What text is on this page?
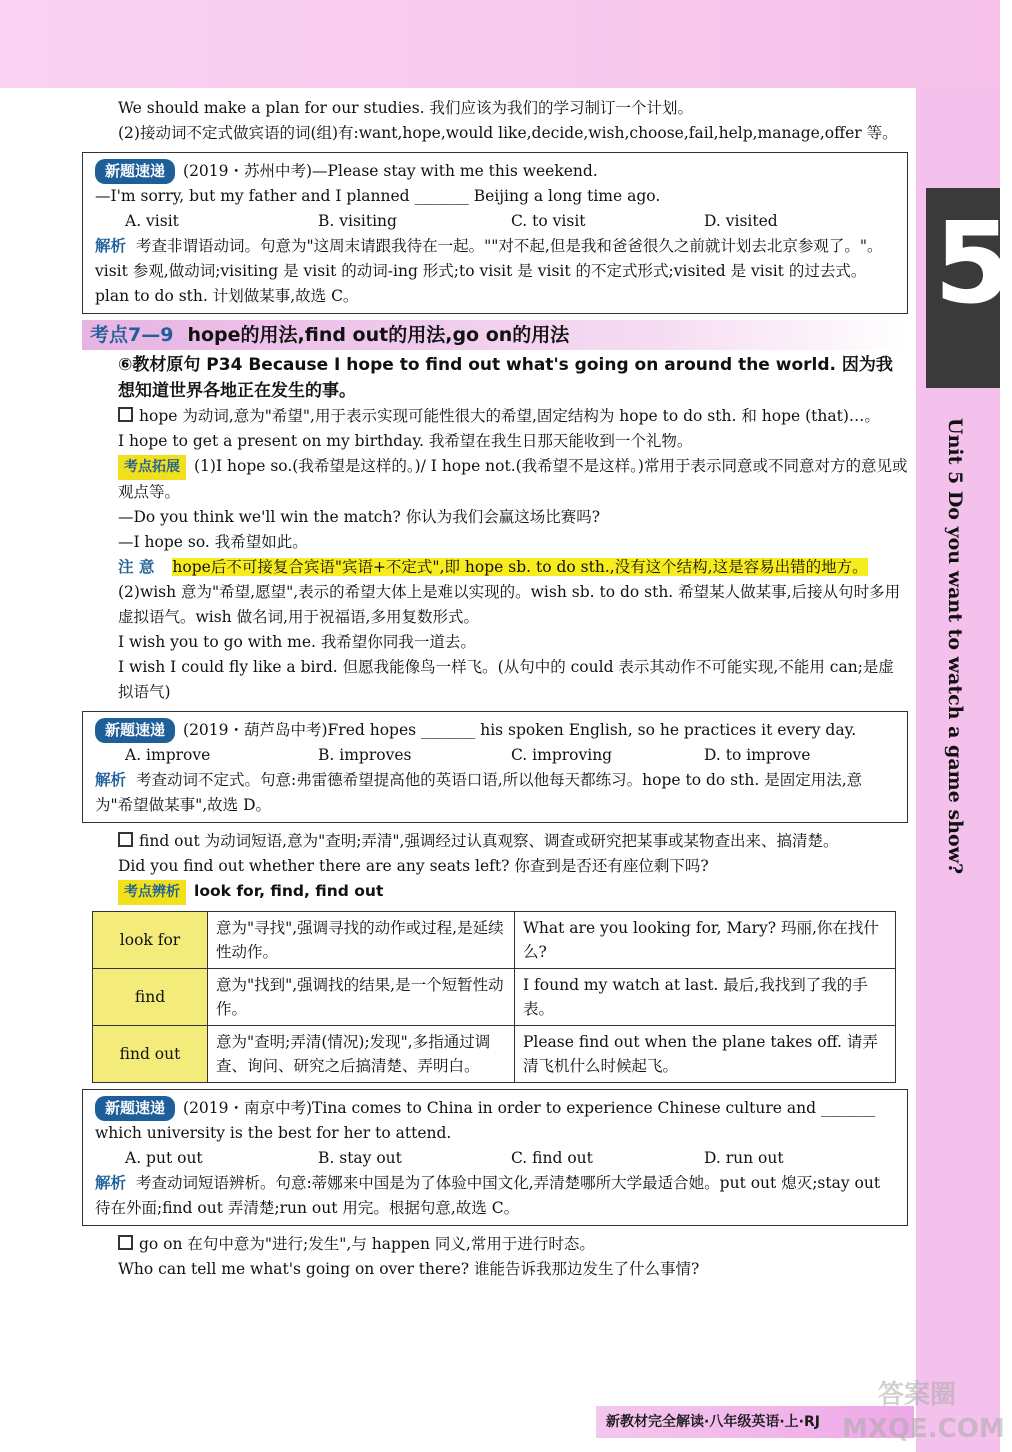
5
Unit 5 Do you want to watch a game show?

We should make a plan for our studies. 我们应该为我们的学习制订一个计划。

(2)接动词不定式做宾语的词(组)有:want,hope,would like,decide,wish,choose,fail,help,manage,offer 等。

新题速递 (2019・苏州中考)—Please stay with me this weekend.

—I'm sorry, but my father and I planned _______ Beijing a long time ago.

A. visit	B. visiting	C. to visit	D. visited

解析 考查非谓语动词。句意为"这周末请跟我待在一起。""对不起,但是我和爸爸很久之前就计划去北京参观了。"。visit 参观,做动词;visiting 是 visit 的动词-ing 形式;to visit 是 visit 的不定式形式;visited 是 visit 的过去式。plan to do sth. 计划做某事,故选 C。

考点7—9 hope的用法,find out的用法,go on的用法

⑥教材原句 P34 Because I hope to find out what's going on around the world. 因为我想知道世界各地正在发生的事。

hope 为动词,意为"希望",用于表示实现可能性很大的希望,固定结构为 hope to do sth. 和 hope (that)…。

I hope to get a present on my birthday. 我希望在我生日那天能收到一个礼物。

考点拓展 (1)I hope so.(我希望是这样的。)/ I hope not.(我希望不是这样。)常用于表示同意或不同意对方的意见或观点等。

—Do you think we'll win the match? 你认为我们会赢这场比赛吗?

—I hope so. 我希望如此。

注 意 hope后不可接复合宾语"宾语+不定式",即 hope sb. to do sth.,没有这个结构,这是容易出错的地方。

(2)wish 意为"希望,愿望",表示的希望大体上是难以实现的。wish sb. to do sth. 希望某人做某事,后接从句时多用虚拟语气。wish 做名词,用于祝福语,多用复数形式。

I wish you to go with me. 我希望你同我一道去。

I wish I could fly like a bird. 但愿我能像鸟一样飞。(从句中的 could 表示其动作不可能实现,不能用 can;是虚拟语气)

新题速递 (2019・葫芦岛中考)Fred hopes _______ his spoken English, so he practices it every day.

A. improve	B. improves	C. improving	D. to improve

解析 考查动词不定式。句意:弗雷德希望提高他的英语口语,所以他每天都练习。hope to do sth. 是固定用法,意为"希望做某事",故选 D。

find out 为动词短语,意为"查明;弄清",强调经过认真观察、调查或研究把某事或某物查出来、搞清楚。

Did you find out whether there are any seats left? 你查到是否还有座位剩下吗?

考点辨析 look for, find, find out

look for	意为"寻找",强调寻找的动作或过程,是延续性动作。	What are you looking for, Mary? 玛丽,你在找什么?
find	意为"找到",强调找的结果,是一个短暂性动作。	I found my watch at last. 最后,我找到了我的手表。
find out	意为"查明;弄清(情况);发现",多指通过调查、询问、研究之后搞清楚、弄明白。	Please find out when the plane takes off. 请弄清飞机什么时候起飞。

新题速递 (2019・南京中考)Tina comes to China in order to experience Chinese culture and _______ which university is the best for her to attend.

A. put out	B. stay out	C. find out	D. run out

解析 考查动词短语辨析。句意:蒂娜来中国是为了体验中国文化,弄清楚哪所大学最适合她。put out 熄灭;stay out 待在外面;find out 弄清楚;run out 用完。根据句意,故选 C。

go on 在句中意为"进行;发生",与 happen 同义,常用于进行时态。

Who can tell me what's going on over there? 谁能告诉我那边发生了什么事情?

新教材完全解读·八年级英语·上·RJ
答案圈 MXQE.COM
